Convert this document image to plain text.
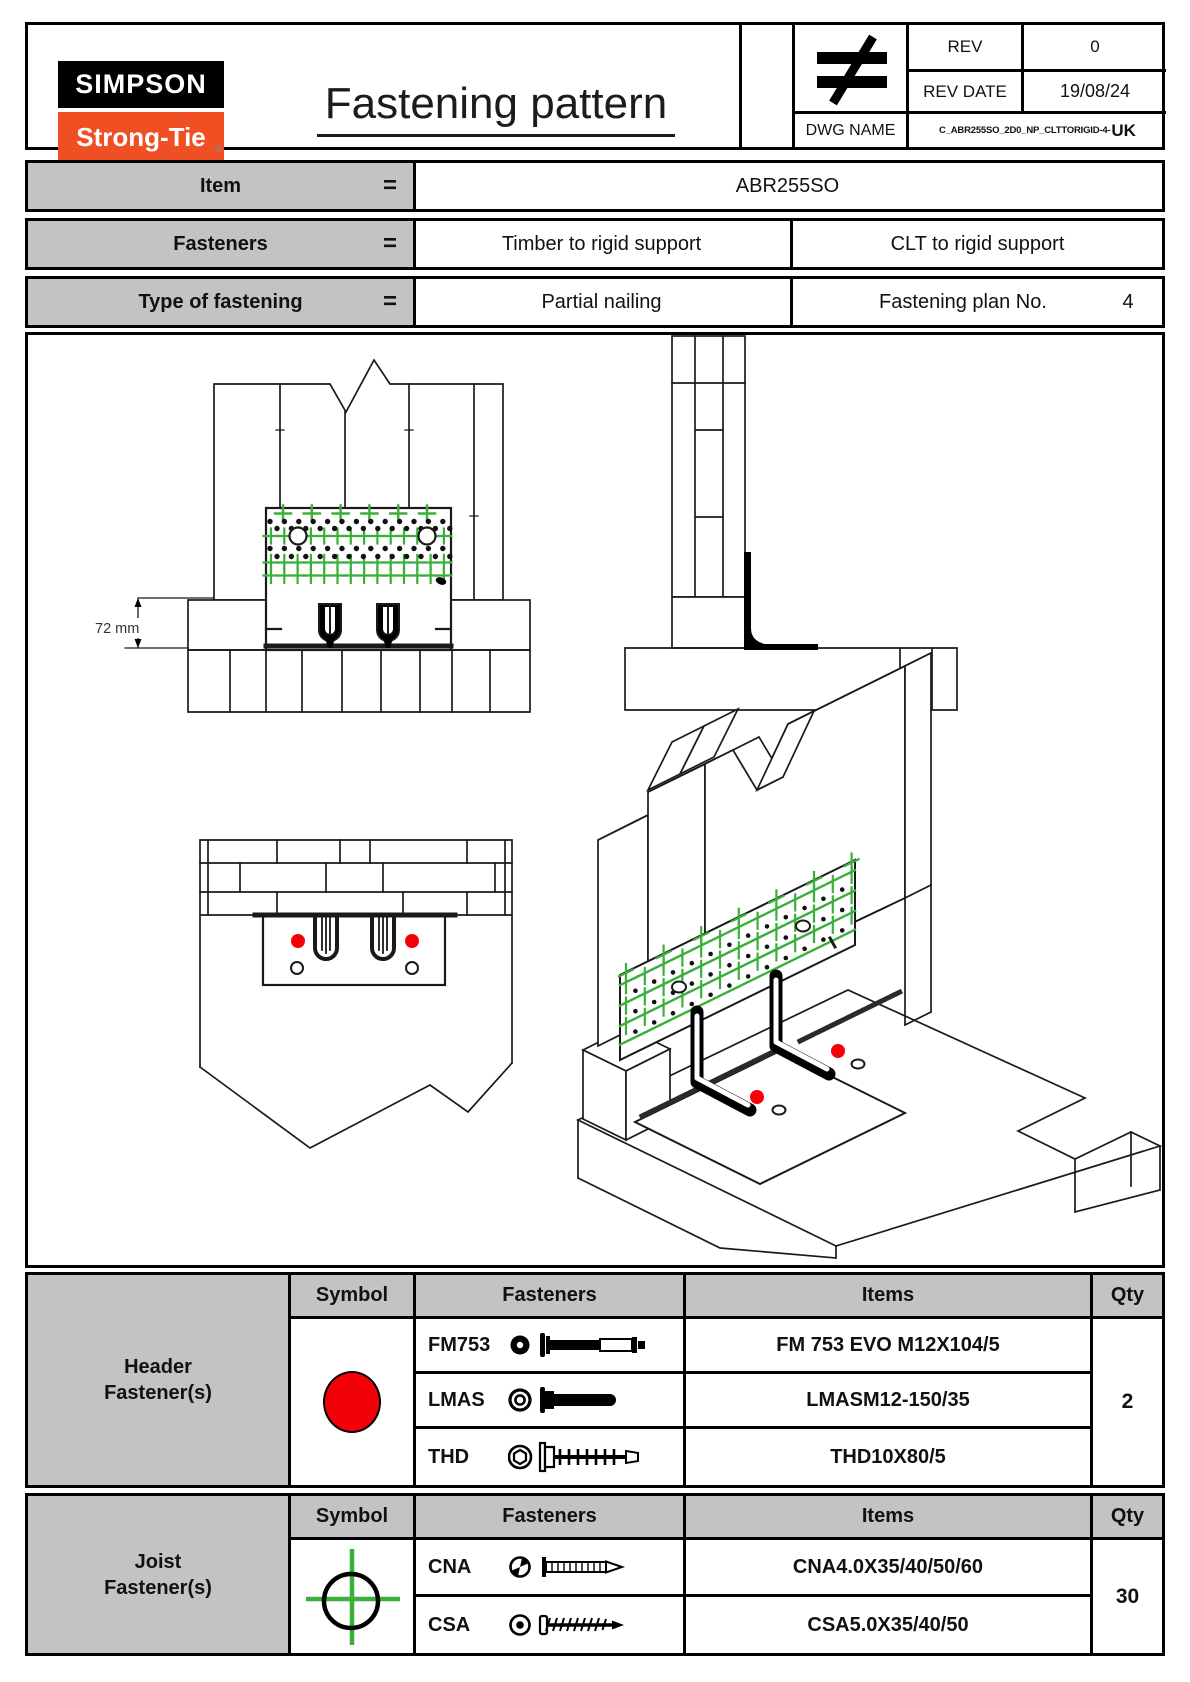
SIMPSON
Strong-Tie ®
Fastening pattern
REV	0
REV DATE	19/08/24
DWG NAME	C_ABR255SO_2D0_NP_CLTTORIGID-4- UK
Item	=	ABR255SO
Fasteners	=	Timber to rigid support	CLT to rigid support
Type of fastening	=	Partial nailing	Fastening plan No.	4
72 mm
Header
Fastener(s)
Symbol	Fasteners	Items	Qty
FM753	FM 753 EVO M12X104/5
LMAS	LMASM12-150/35
THD	THD10X80/5
2
Joist
Fastener(s)
Symbol	Fasteners	Items	Qty
CNA	CNA4.0X35/40/50/60
CSA	CSA5.0X35/40/50
30
